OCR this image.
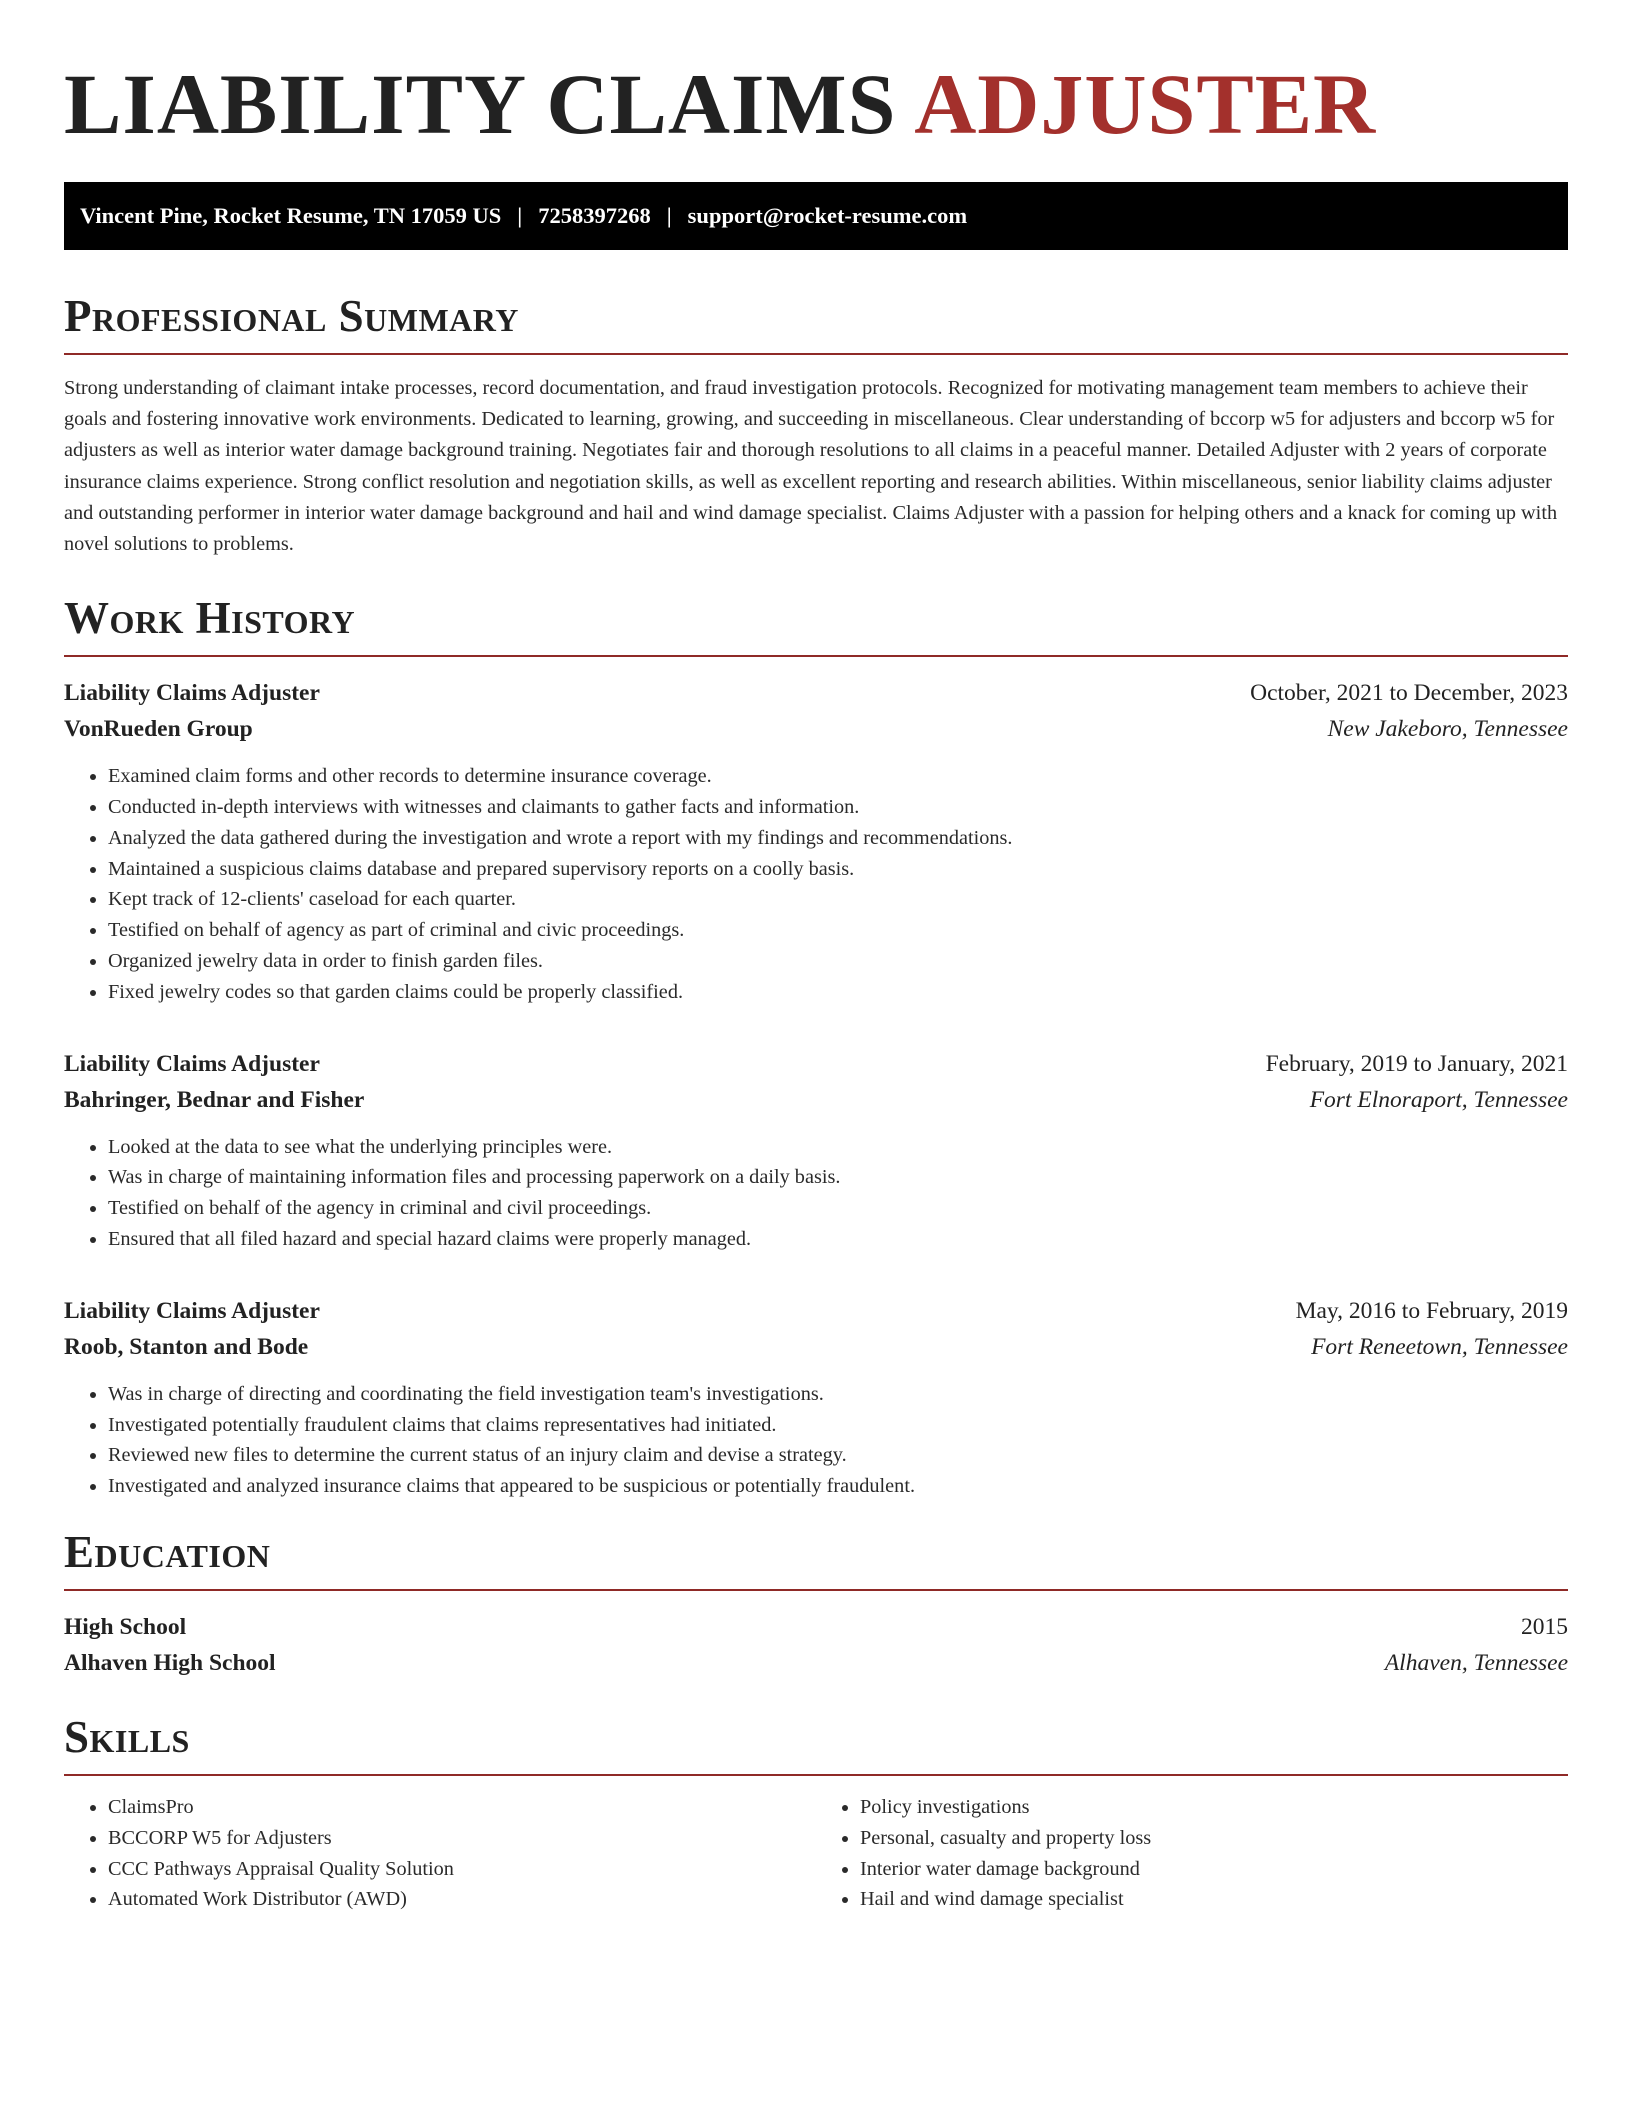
LIABILITY CLAIMS ADJUSTER
Vincent Pine, Rocket Resume, TN 17059 US | 7258397268 | support@rocket-resume.com
Professional Summary

Strong understanding of claimant intake processes, record documentation, and fraud investigation protocols. Recognized for motivating management team members to achieve their goals and fostering innovative work environments. Dedicated to learning, growing, and succeeding in miscellaneous. Clear understanding of bccorp w5 for adjusters and bccorp w5 for adjusters as well as interior water damage background training. Negotiates fair and thorough resolutions to all claims in a peaceful manner. Detailed Adjuster with 2 years of corporate insurance claims experience. Strong conflict resolution and negotiation skills, as well as excellent reporting and research abilities. Within miscellaneous, senior liability claims adjuster and outstanding performer in interior water damage background and hail and wind damage specialist. Claims Adjuster with a passion for helping others and a knack for coming up with novel solutions to problems.

Work History
Liability Claims Adjuster	October, 2021 to December, 2023
VonRueden Group	New Jakeboro, Tennessee
• Examined claim forms and other records to determine insurance coverage.
• Conducted in-depth interviews with witnesses and claimants to gather facts and information.
• Analyzed the data gathered during the investigation and wrote a report with my findings and recommendations.
• Maintained a suspicious claims database and prepared supervisory reports on a coolly basis.
• Kept track of 12-clients' caseload for each quarter.
• Testified on behalf of agency as part of criminal and civic proceedings.
• Organized jewelry data in order to finish garden files.
• Fixed jewelry codes so that garden claims could be properly classified.
Liability Claims Adjuster	February, 2019 to January, 2021
Bahringer, Bednar and Fisher	Fort Elnoraport, Tennessee
• Looked at the data to see what the underlying principles were.
• Was in charge of maintaining information files and processing paperwork on a daily basis.
• Testified on behalf of the agency in criminal and civil proceedings.
• Ensured that all filed hazard and special hazard claims were properly managed.
Liability Claims Adjuster	May, 2016 to February, 2019
Roob, Stanton and Bode	Fort Reneetown, Tennessee
• Was in charge of directing and coordinating the field investigation team's investigations.
• Investigated potentially fraudulent claims that claims representatives had initiated.
• Reviewed new files to determine the current status of an injury claim and devise a strategy.
• Investigated and analyzed insurance claims that appeared to be suspicious or potentially fraudulent.
Education
High School	2015
Alhaven High School	Alhaven, Tennessee
Skills
• ClaimsPro
• BCCORP W5 for Adjusters
• CCC Pathways Appraisal Quality Solution
• Automated Work Distributor (AWD)
• Policy investigations
• Personal, casualty and property loss
• Interior water damage background
• Hail and wind damage specialist
